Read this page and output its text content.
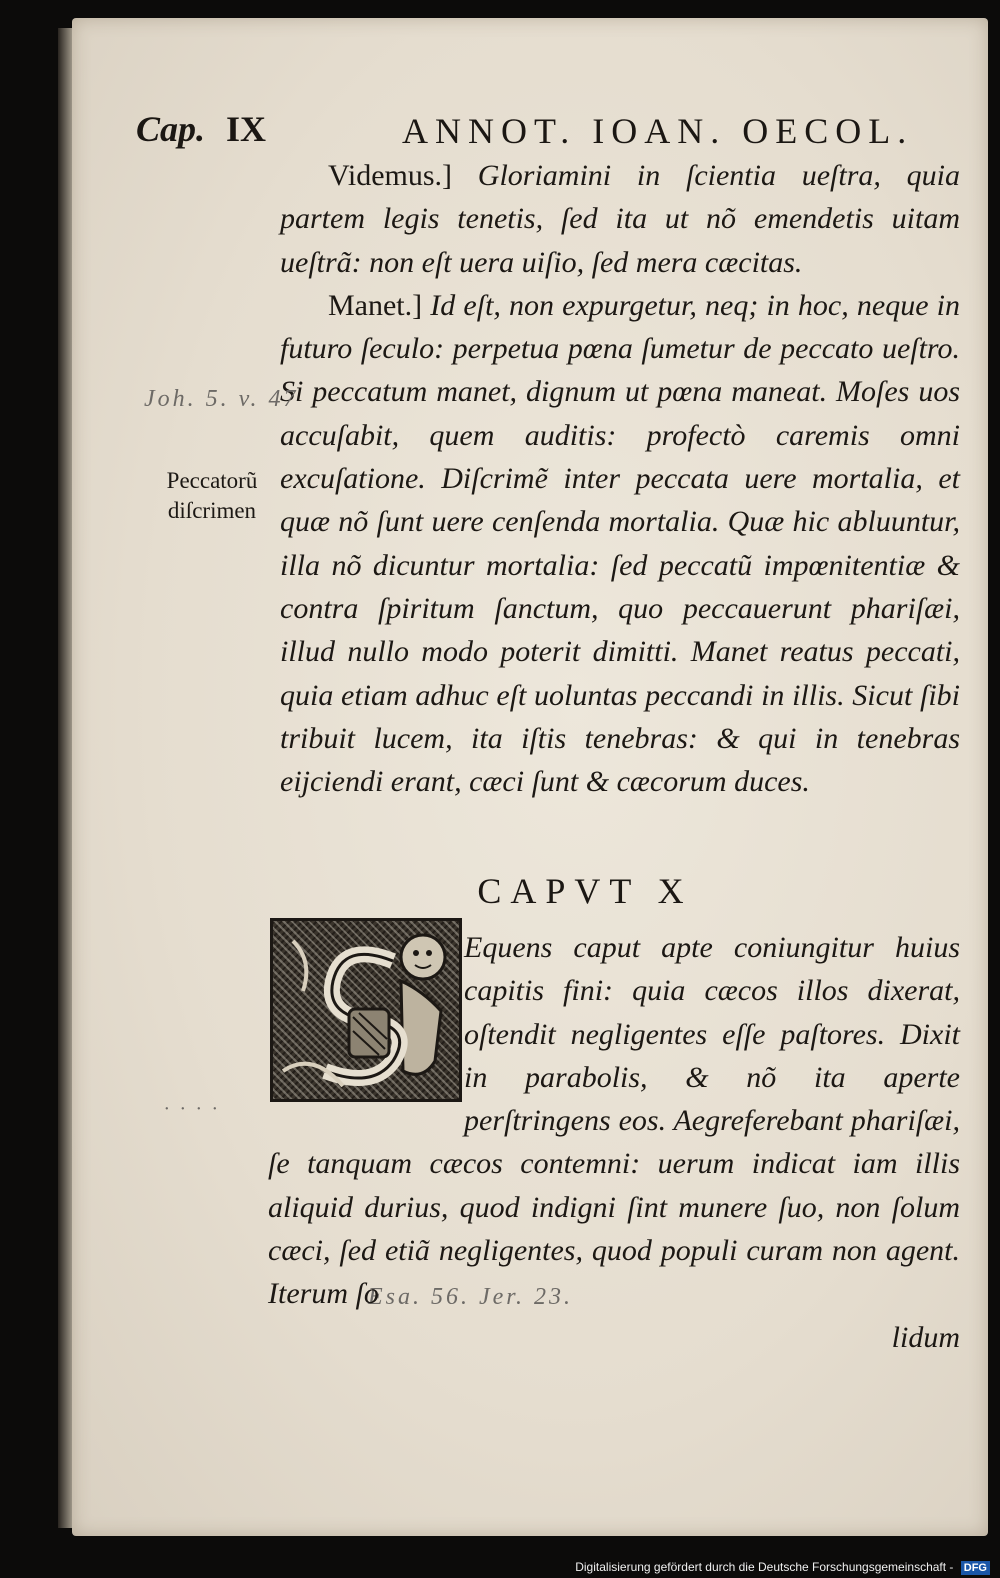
Cap. IX	ANNOT. IOAN. OECOL.

Videmus.] Gloriamini in ſcientia ueſtra, quia partem legis tenetis, ſed ita ut nõ emendetis uitam ueſtrã: non eſt uera uiſio, ſed mera cæcitas.

Manet.] Id eſt, non expurgetur, neq; in hoc, neque in futuro ſeculo: perpetua pœna ſumetur de peccato ueſtro. Si peccatum manet, dignum ut pœna maneat. Moſes uos accuſabit, quem auditis: profectò careтis omni excuſatione. Diſcrimẽ inter peccata uere mortalia, et quæ nõ ſunt uere cenſenda mortalia. Quæ hic abluuntur, illa nõ dicuntur mortalia: ſed peccatũ impœnitentiæ & contra ſpiritum ſanctum, quo peccauerunt phariſæi, illud nullo modo poterit dimitti. Manet reatus peccati, quia etiam adhuc eſt uoluntas peccandi in illis. Sicut ſibi tribuit lucem, ita iſtis tenebras: & qui in tenebras eijciendi erant, cæci ſunt & cæcorum duces.

Peccatorũ
diſcrimen
Joh. 5. v. 47
· · · ·
Esa. 56. Jer. 23.
CAPVT X
Equens caput apte coniungitur huius capitis fini: quia cæcos illos dixerat, oſtendit negligentes eſſe paſtores. Dixit in parabolis, & nõ ita aperte perſtringens eos. Aegreferebant phariſæi, ſe tanquam cæcos contemni: uerum indicat iam illis aliquid durius, quod indigni ſint munere ſuo, non ſolum cæci, ſed etiã negligentes, quod populi curam non agent. Iterum ſo
lidum
Digitalisierung gefördert durch die Deutsche Forschungsgemeinschaft - DFG
